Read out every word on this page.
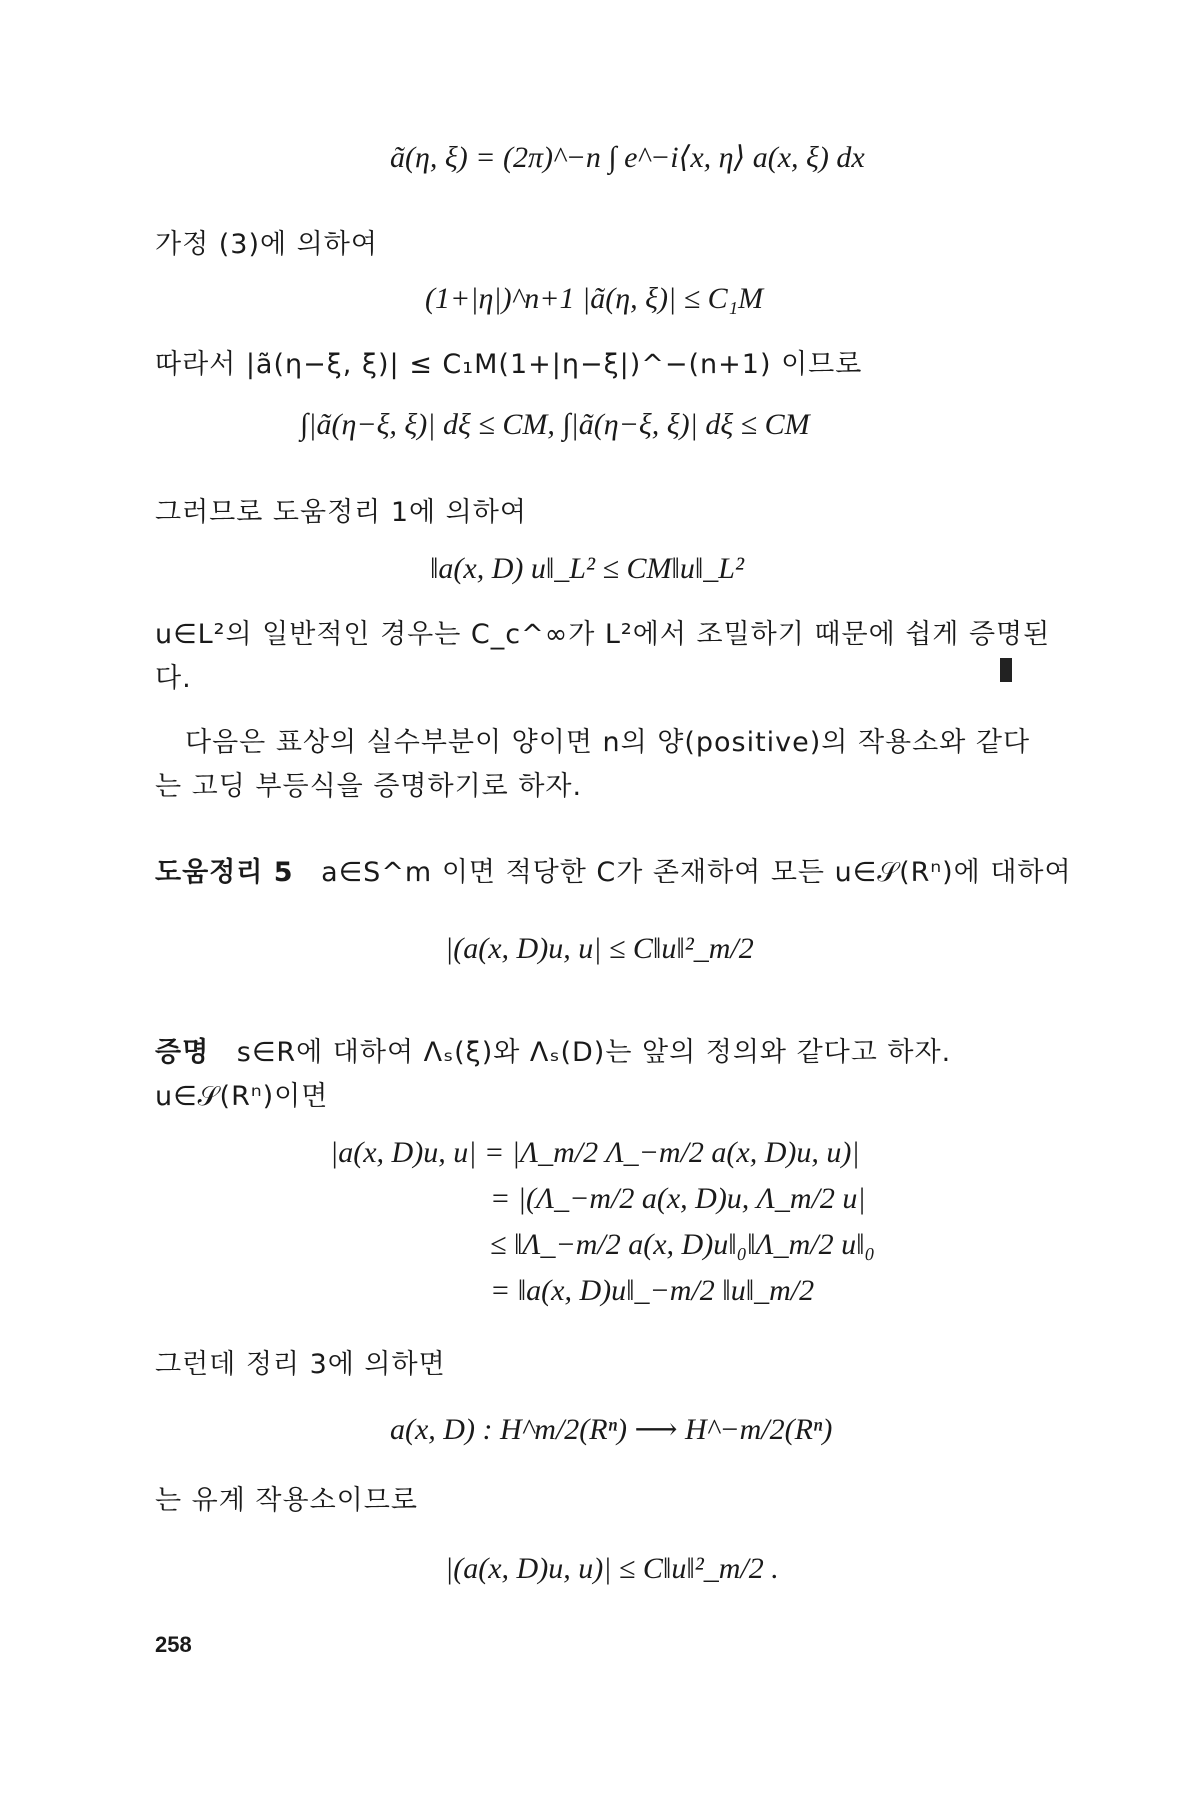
ã(η, ξ) = (2π)^−n ∫ e^−i⟨x, η⟩ a(x, ξ) dx
가정 (3)에 의하여
(1+|η|)^n+1 |ã(η, ξ)| ≤ C₁M
따라서 |ã(η−ξ, ξ)| ≤ C₁M(1+|η−ξ|)^−(n+1) 이므로
∫|ã(η−ξ, ξ)| dξ ≤ CM, ∫|ã(η−ξ, ξ)| dξ ≤ CM
그러므로 도움정리 1에 의하여
‖a(x, D) u‖_L² ≤ CM‖u‖_L²
u∈L²의 일반적인 경우는 C_c^∞가 L²에서 조밀하기 때문에 쉽게 증명된
다.
다음은 표상의 실수부분이 양이면 n의 양(positive)의 작용소와 같다
는 고딩 부등식을 증명하기로 하자.
도움정리 5 a∈S^m 이면 적당한 C가 존재하여 모든 u∈𝒮(Rⁿ)에 대하여
|(a(x, D)u, u| ≤ C‖u‖²_m/2
증명 s∈R에 대하여 Λₛ(ξ)와 Λₛ(D)는 앞의 정의와 같다고 하자.
u∈𝒮(Rⁿ)이면
|a(x, D)u, u| = |Λ_m/2 Λ_−m/2 a(x, D)u, u)|
= |(Λ_−m/2 a(x, D)u, Λ_m/2 u|
≤ ‖Λ_−m/2 a(x, D)u‖₀‖Λ_m/2 u‖₀
= ‖a(x, D)u‖_−m/2 ‖u‖_m/2
그런데 정리 3에 의하면
a(x, D) : H^m/2(Rⁿ) ⟶ H^−m/2(Rⁿ)
는 유계 작용소이므로
|(a(x, D)u, u)| ≤ C‖u‖²_m/2 .
258
